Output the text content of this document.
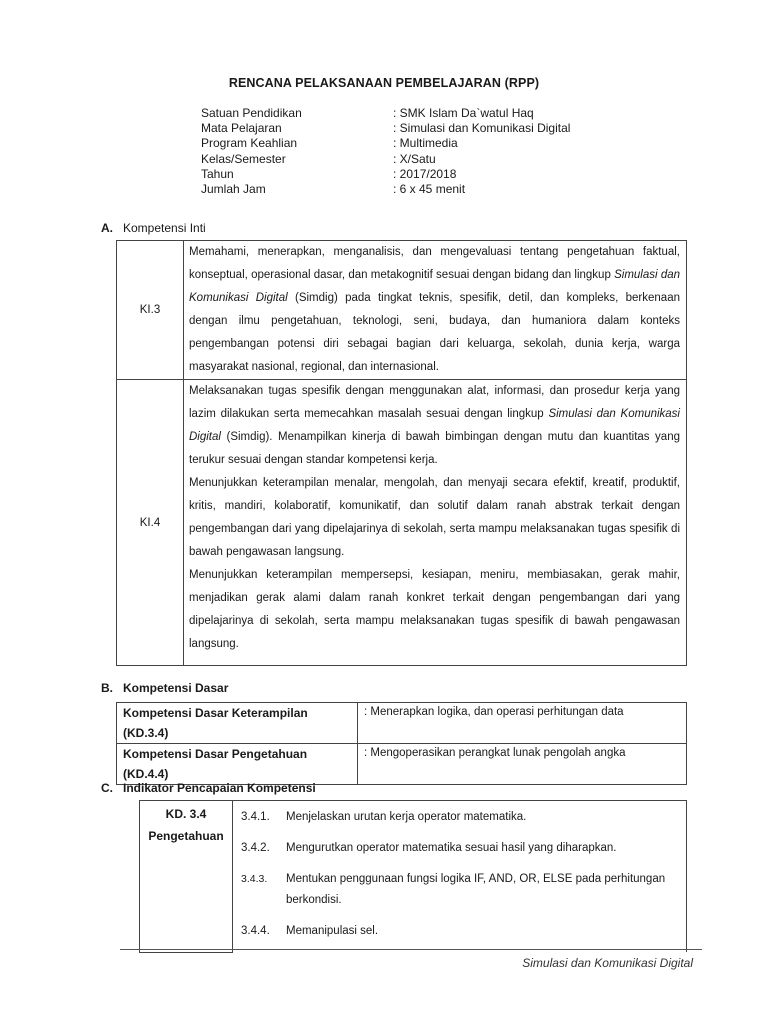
RENCANA PELAKSANAAN PEMBELAJARAN (RPP)
Satuan Pendidikan	: SMK Islam Da`watul Haq
Mata Pelajaran	: Simulasi dan Komunikasi Digital
Program Keahlian	: Multimedia
Kelas/Semester	: X/Satu
Tahun	: 2017/2018
Jumlah Jam	: 6 x 45 menit
A. Kompetensi Inti
KI.3	Memahami, menerapkan, menganalisis, dan mengevaluasi tentang pengetahuan faktual, konseptual, operasional dasar, dan metakognitif sesuai dengan bidang dan lingkup Simulasi dan Komunikasi Digital (Simdig) pada tingkat teknis, spesifik, detil, dan kompleks, berkenaan dengan ilmu pengetahuan, teknologi, seni, budaya, dan humaniora dalam konteks pengembangan potensi diri sebagai bagian dari keluarga, sekolah, dunia kerja, warga masyarakat nasional, regional, dan internasional.

KI.4	Melaksanakan tugas spesifik dengan menggunakan alat, informasi, dan prosedur kerja yang lazim dilakukan serta memecahkan masalah sesuai dengan lingkup Simulasi dan Komunikasi Digital (Simdig). Menampilkan kinerja di bawah bimbingan dengan mutu dan kuantitas yang terukur sesuai dengan standar kompetensi kerja.

Menunjukkan keterampilan menalar, mengolah, dan menyaji secara efektif, kreatif, produktif, kritis, mandiri, kolaboratif, komunikatif, dan solutif dalam ranah abstrak terkait dengan pengembangan dari yang dipelajarinya di sekolah, serta mampu melaksanakan tugas spesifik di bawah pengawasan langsung.

Menunjukkan keterampilan mempersepsi, kesiapan, meniru, membiasakan, gerak mahir, menjadikan gerak alami dalam ranah konkret terkait dengan pengembangan dari yang dipelajarinya di sekolah, serta mampu melaksanakan tugas spesifik di bawah pengawasan langsung.

B. Kompetensi Dasar
Kompetensi Dasar Keterampilan
(KD.3.4)	: Menerapkan logika, dan operasi perhitungan data

Kompetensi Dasar Pengetahuan
(KD.4.4)	: Mengoperasikan perangkat lunak pengolah angka
C. Indikator Pencapaian Kompetensi
KD. 3.4
Pengetahuan

3.4.1. Menjelaskan urutan kerja operator matematika.
3.4.2. Mengurutkan operator matematika sesuai hasil yang diharapkan.
3.4.3. Mentukan penggunaan fungsi logika IF, AND, OR, ELSE pada perhitungan berkondisi.
3.4.4. Memanipulasi sel.
Simulasi dan Komunikasi Digital
